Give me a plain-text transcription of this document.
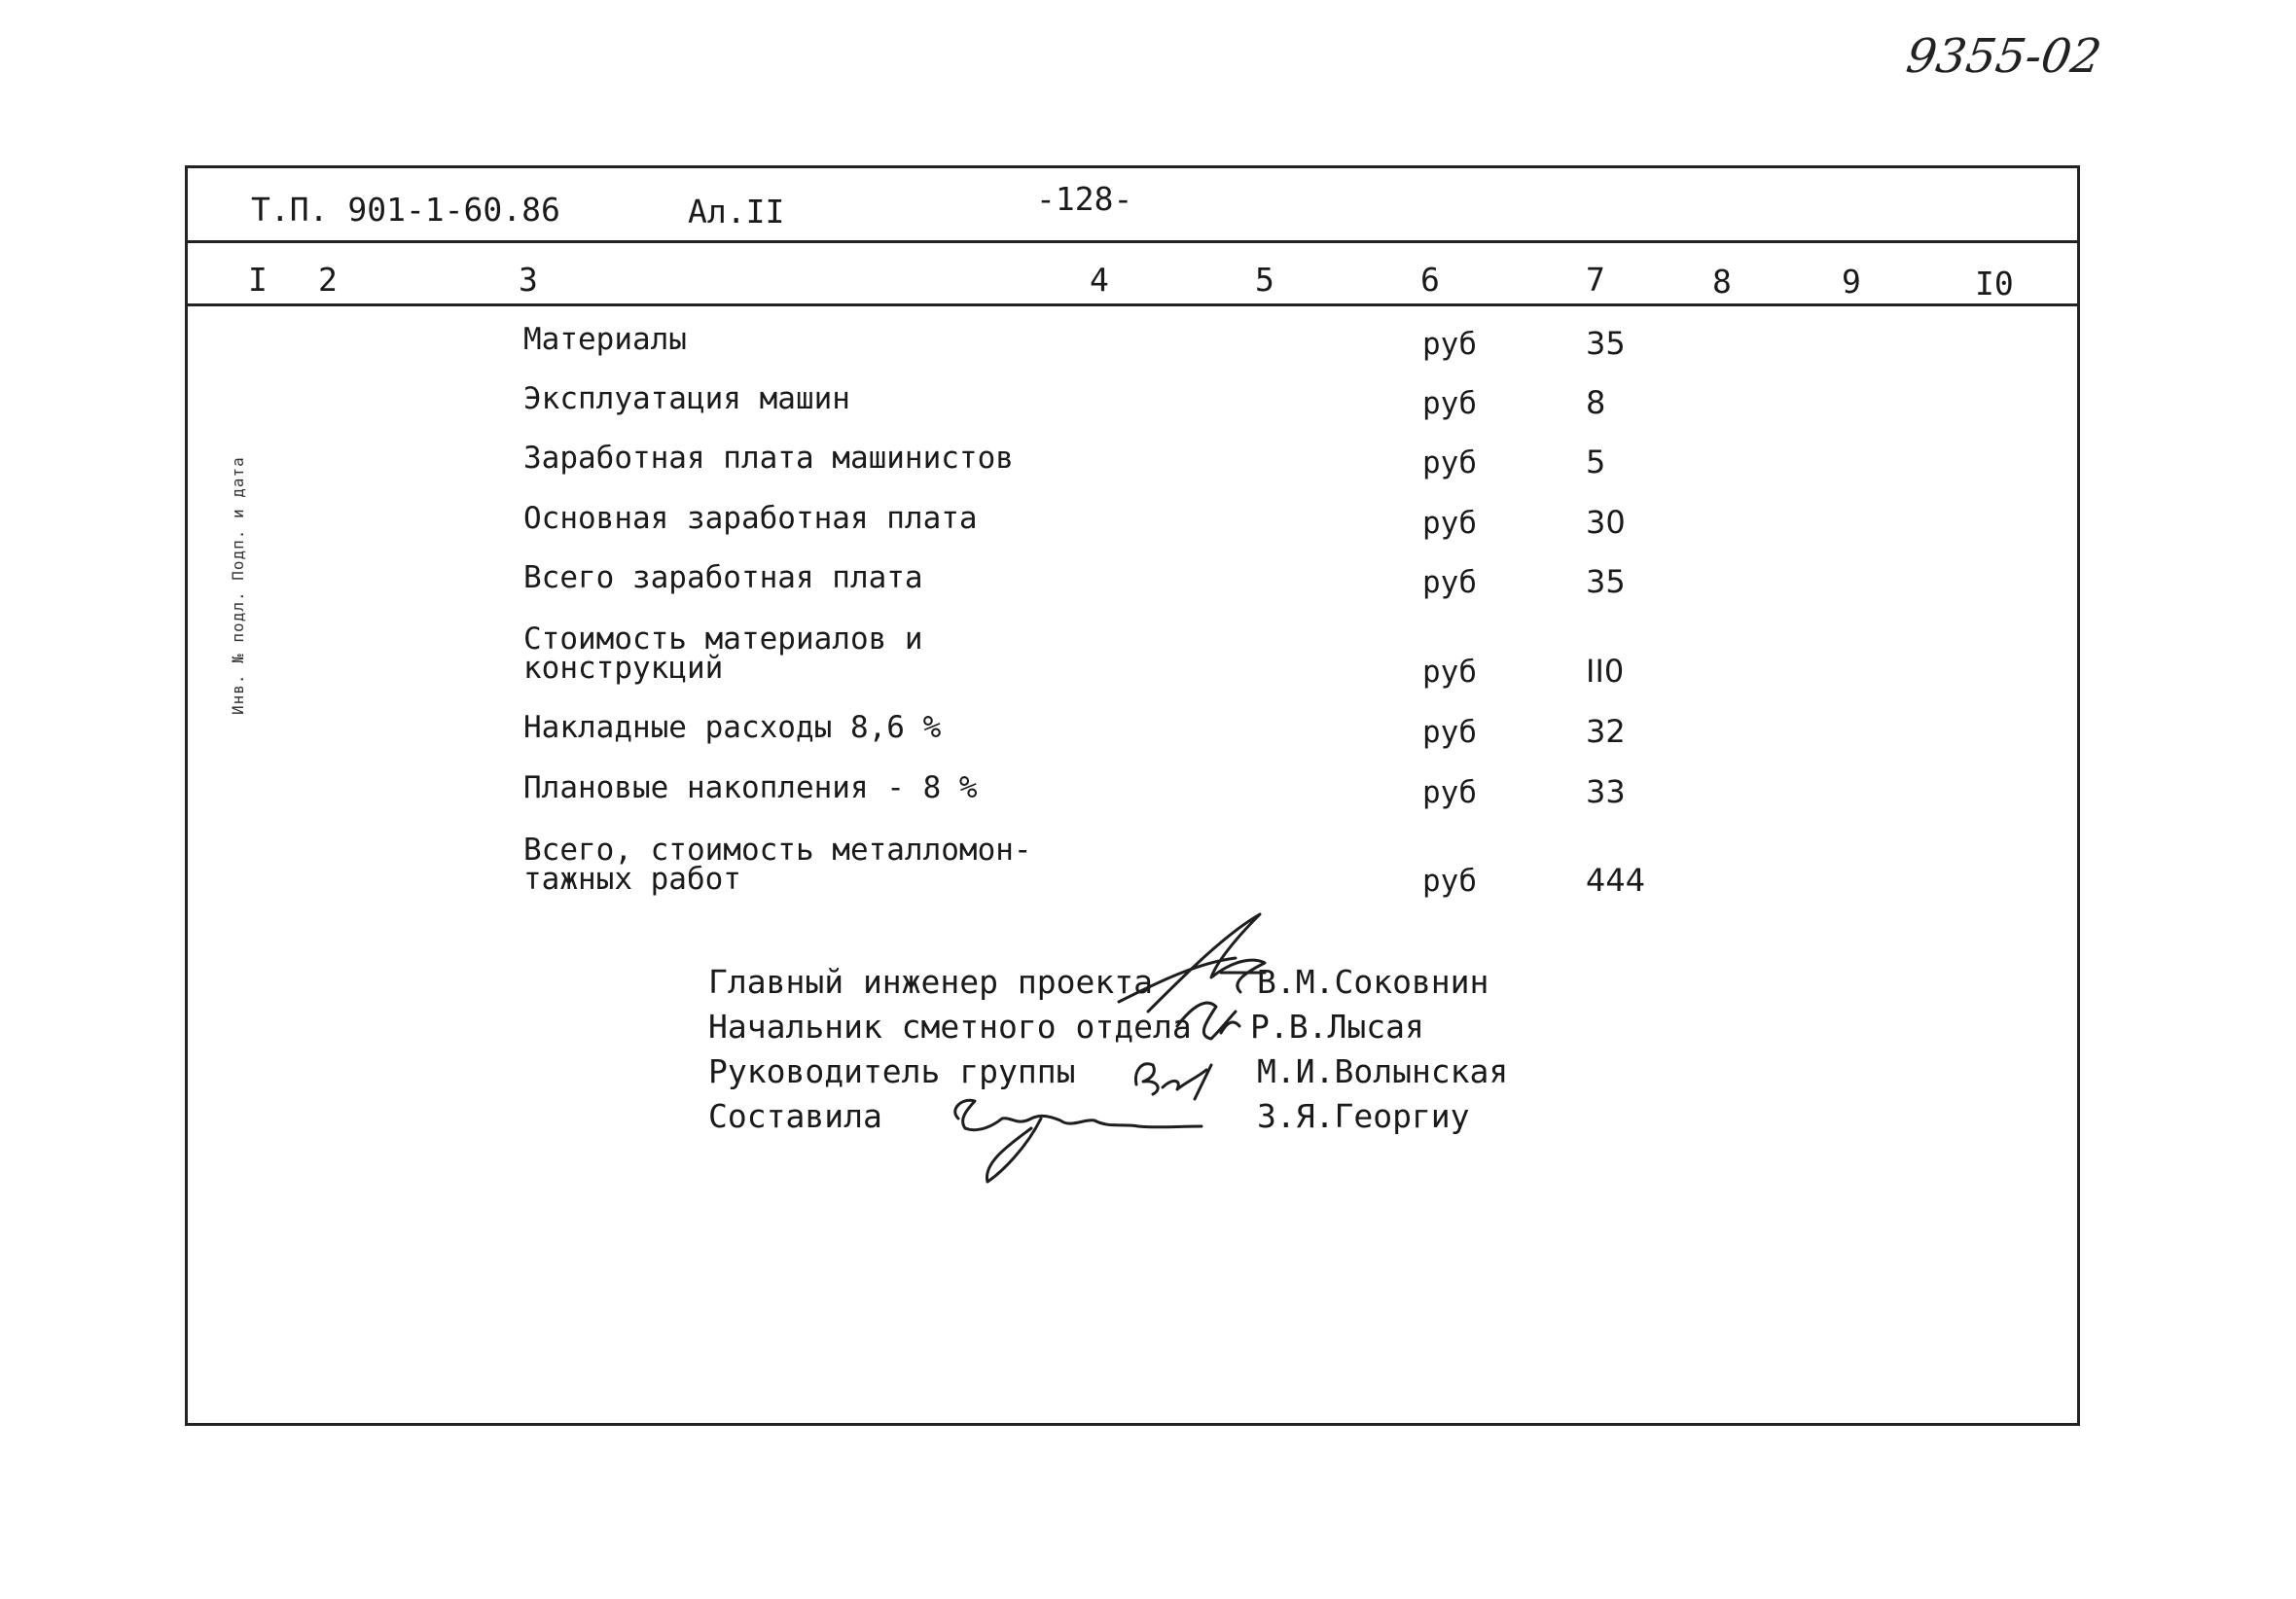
9355-02
Инв. № подл. Подп. и дата
Т.П. 901-1-60.86	Ал.II	-128-
I 2	3	4	5	6	7	8	9	I0
Материалы	руб	35
Эксплуатация машин	руб	8
Заработная плата машинистов	руб	5
Основная заработная плата	руб	30
Всего заработная плата	руб	35
Стоимость материалов и
конструкций	руб	II0
Накладные расходы 8,6 %	руб	32
Плановые накопления - 8 %	руб	33
Всего, стоимость металломон-
тажных работ	руб	444
Главный инженер проекта	В.М.Соковнин
Начальник сметного отдела Р.В.Лысая
Руководитель группы	М.И.Волынская
Составила	З.Я.Георгиу
